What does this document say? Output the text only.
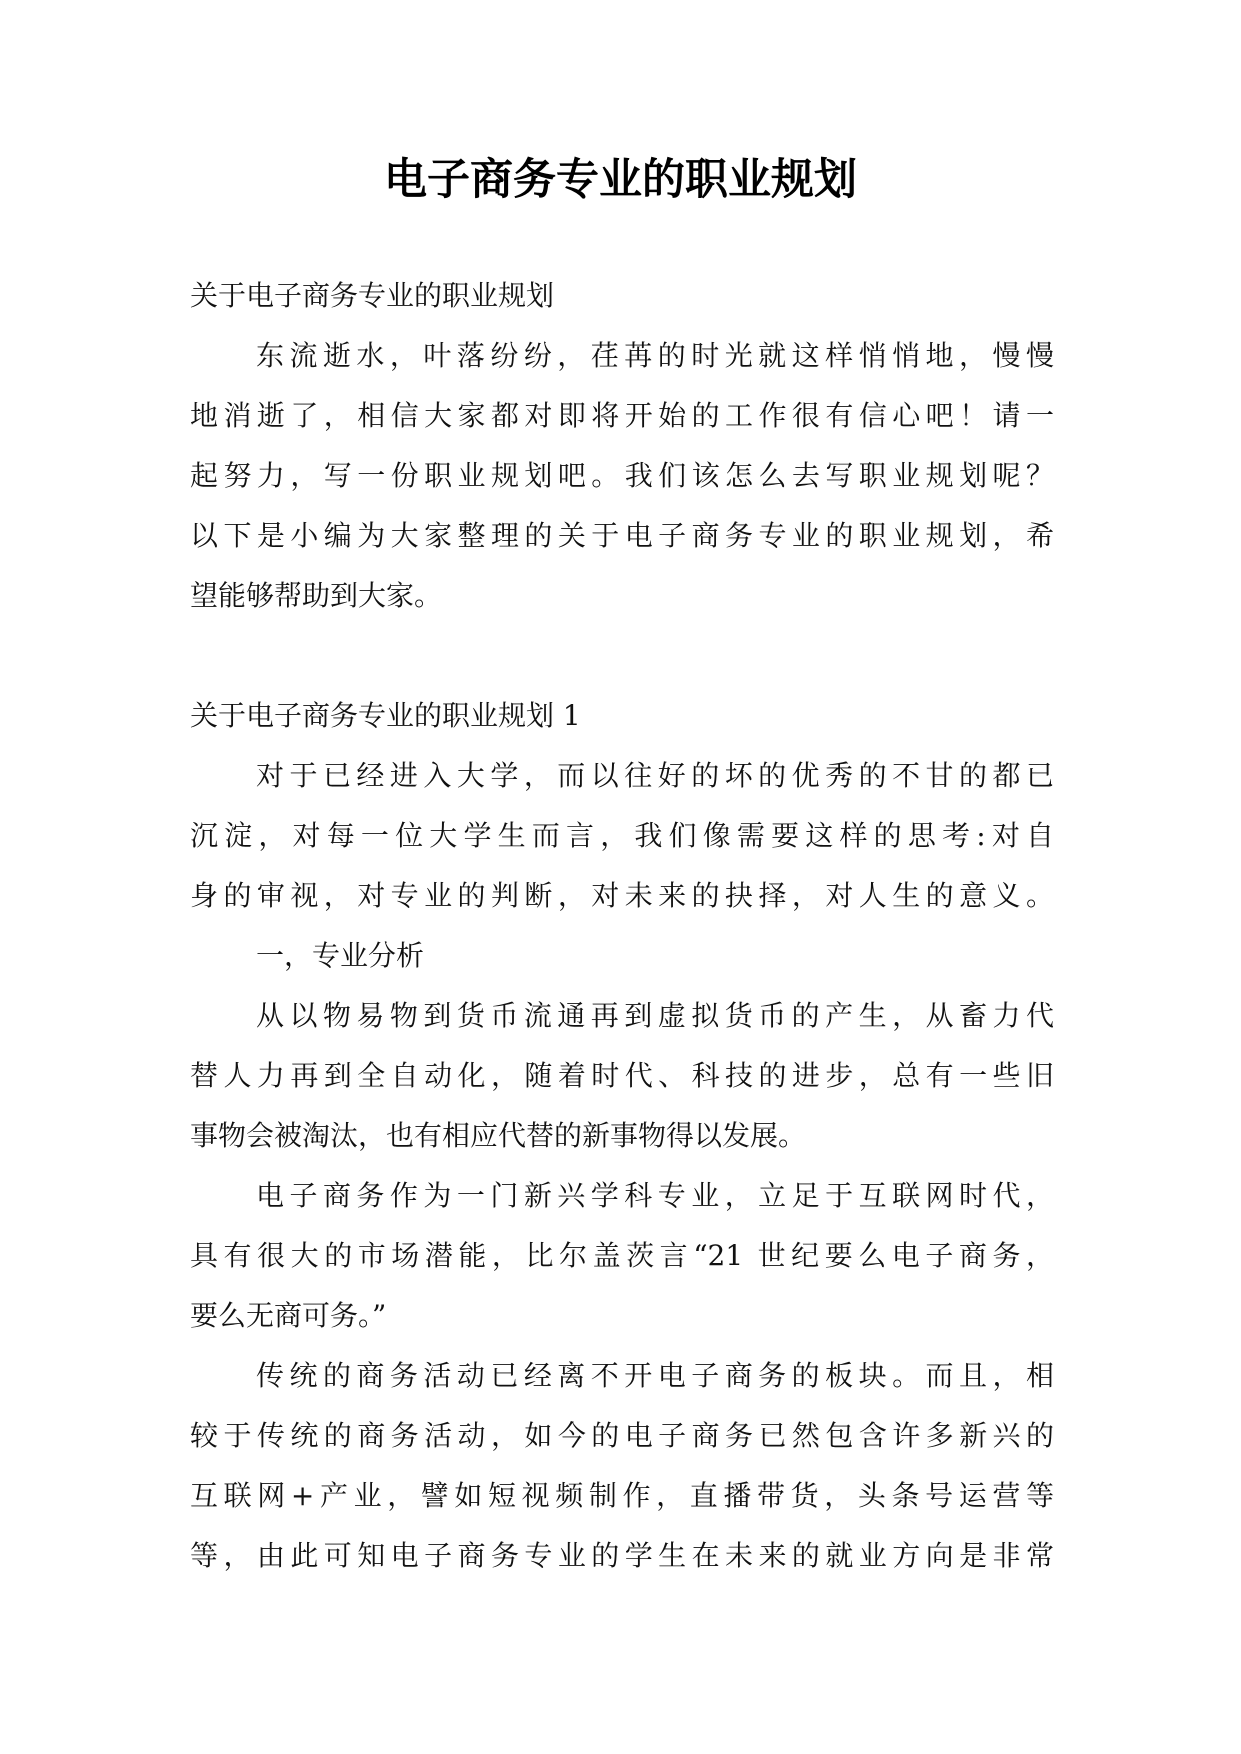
电子商务专业的职业规划
关于电子商务专业的职业规划
东流逝水，叶落纷纷，荏苒的时光就这样悄悄地，慢慢
地消逝了，相信大家都对即将开始的工作很有信心吧！请一
起努力，写一份职业规划吧。我们该怎么去写职业规划呢？
以下是小编为大家整理的关于电子商务专业的职业规划，希
望能够帮助到大家。
关于电子商务专业的职业规划 1
对于已经进入大学，而以往好的坏的优秀的不甘的都已
沉淀，对每一位大学生而言，我们像需要这样的思考:对自
身的审视，对专业的判断，对未来的抉择，对人生的意义。
一，专业分析
从以物易物到货币流通再到虚拟货币的产生，从畜力代
替人力再到全自动化，随着时代、科技的进步，总有一些旧
事物会被淘汰，也有相应代替的新事物得以发展。
电子商务作为一门新兴学科专业，立足于互联网时代，
具有很大的市场潜能，比尔盖茨言“21 世纪要么电子商务，
要么无商可务。”
传统的商务活动已经离不开电子商务的板块。而且，相
较于传统的商务活动，如今的电子商务已然包含许多新兴的
互联网+产业，譬如短视频制作，直播带货，头条号运营等
等，由此可知电子商务专业的学生在未来的就业方向是非常
